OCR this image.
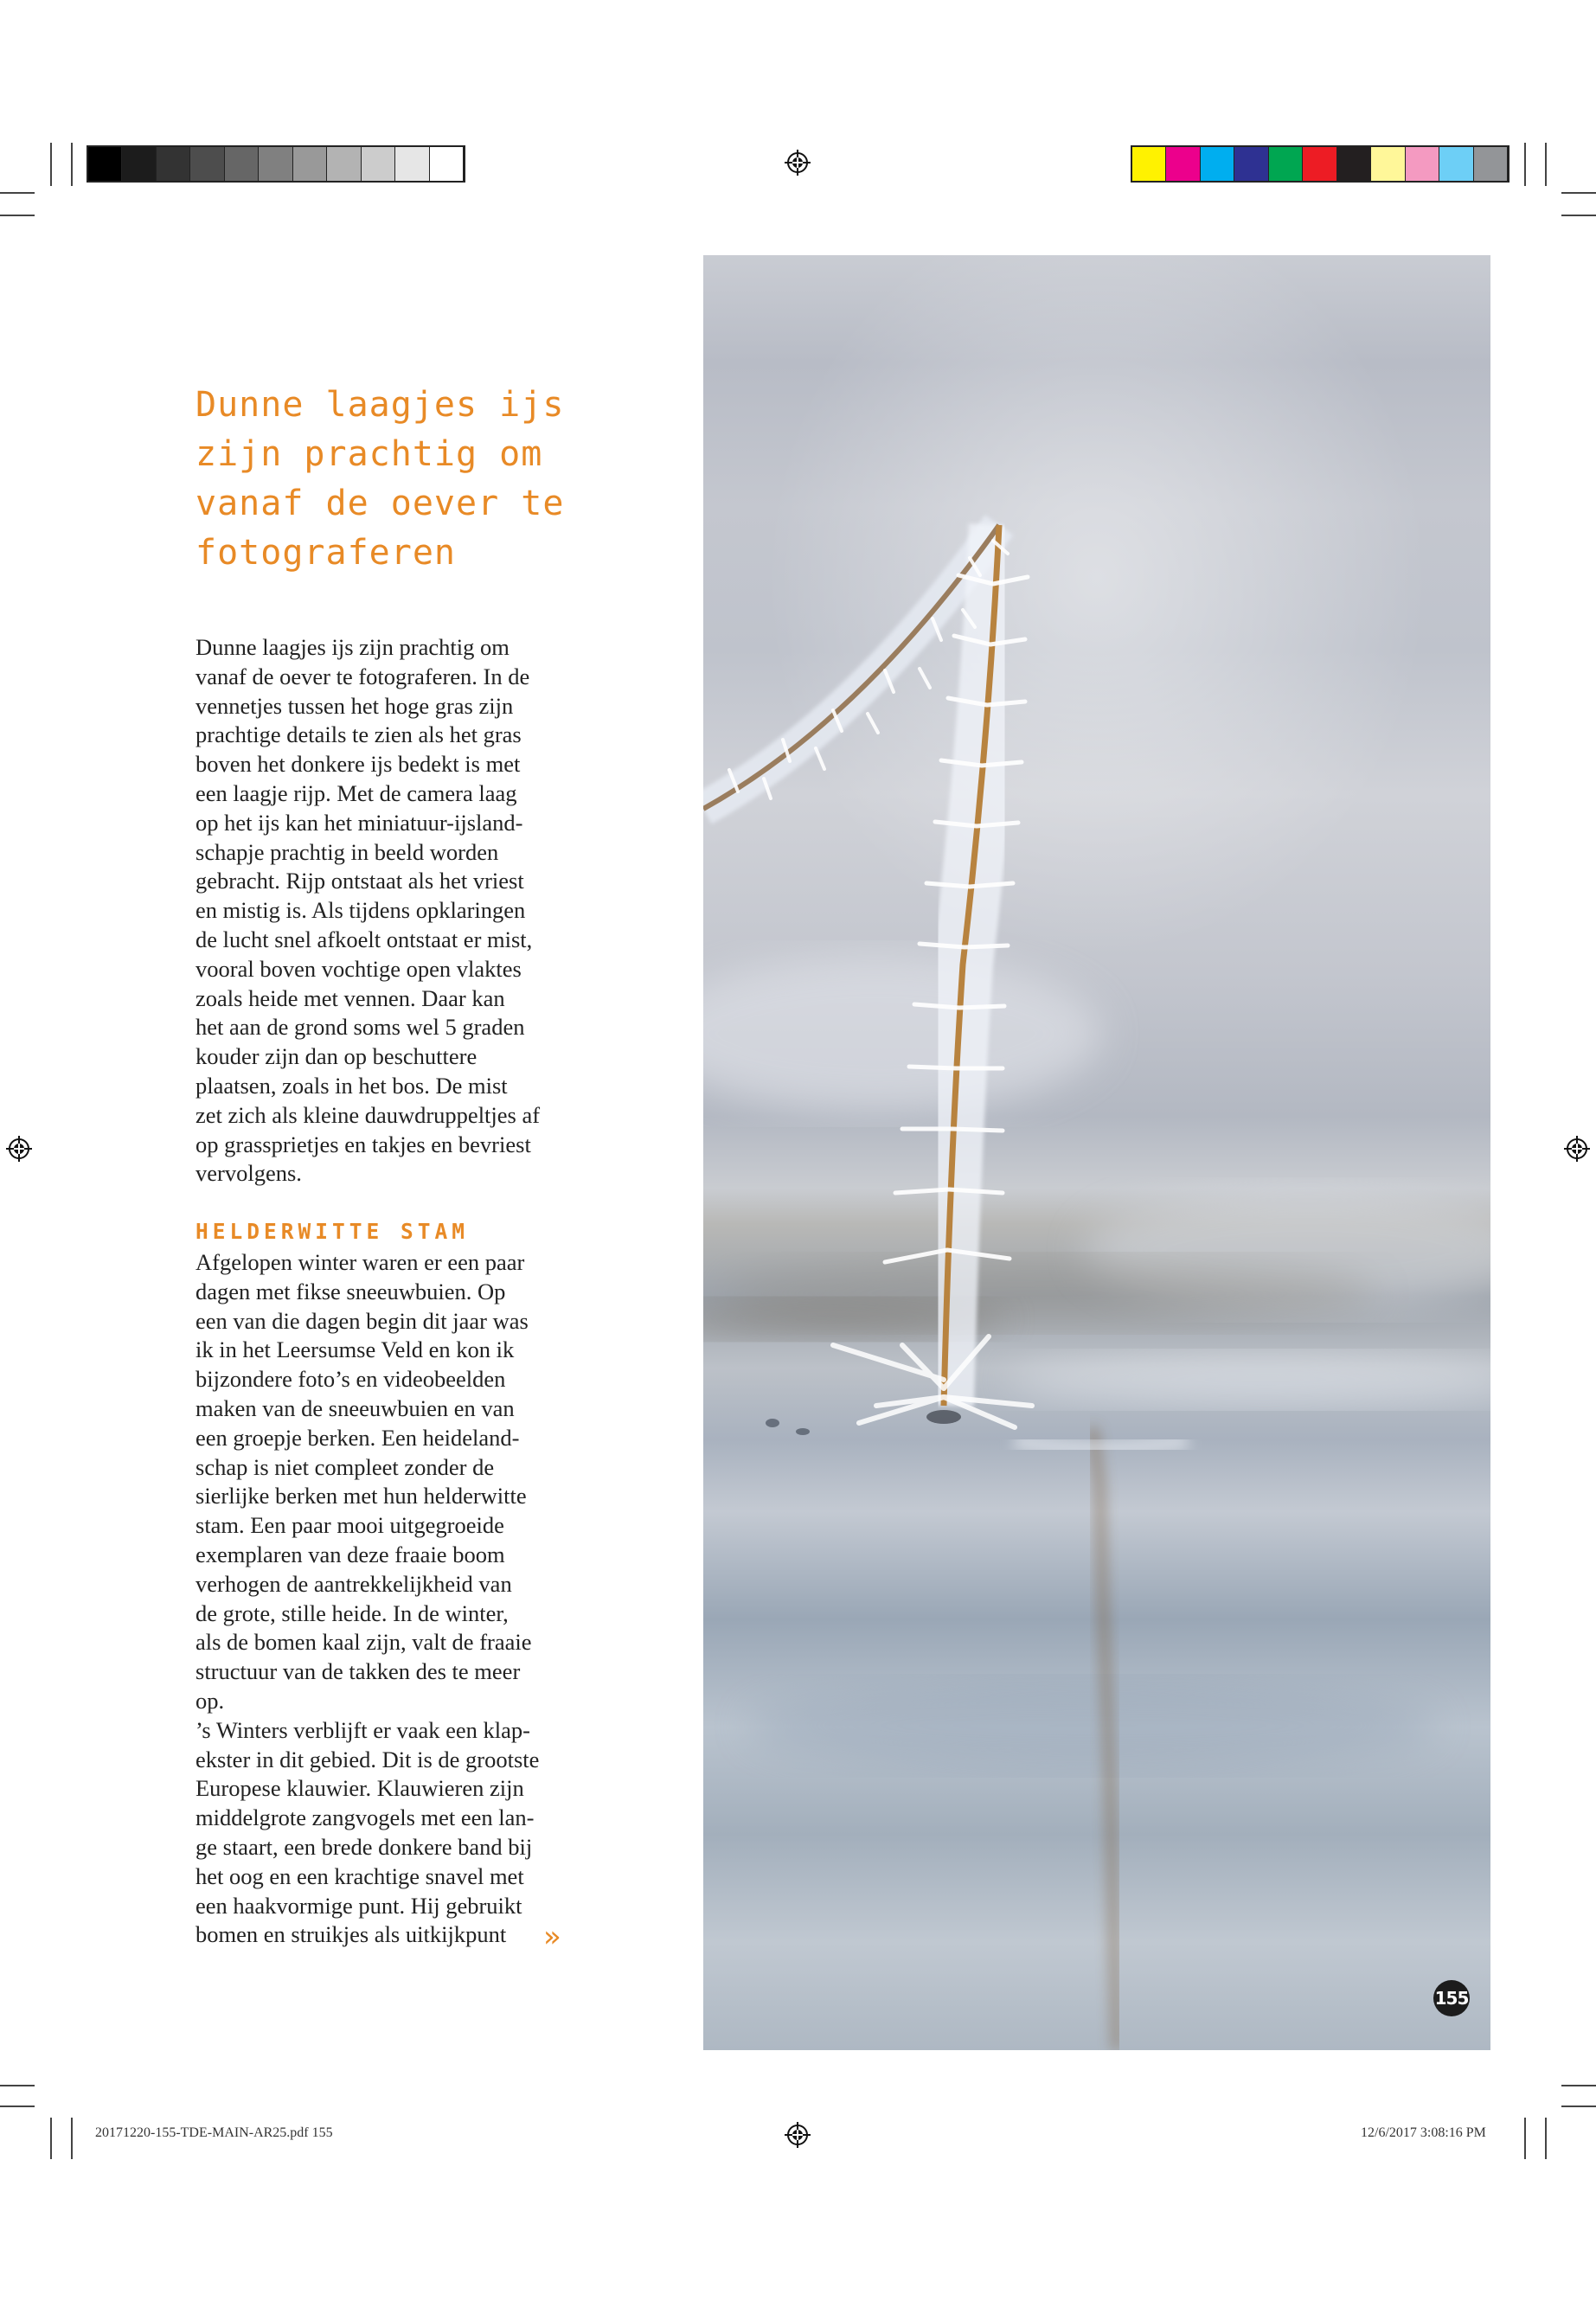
Dunne laagjes ijs
zijn prachtig om
vanaf de oever te
fotograferen
Dunne laagjes ijs zijn prachtig om
vanaf de oever te fotograferen. In de
vennetjes tussen het hoge gras zijn
prachtige details te zien als het gras
boven het donkere ijs bedekt is met
een laagje rijp. Met de camera laag
op het ijs kan het miniatuur-ijsland-
schapje prachtig in beeld worden
gebracht. Rijp ontstaat als het vriest
en mistig is. Als tijdens opklaringen
de lucht snel afkoelt ontstaat er mist,
vooral boven vochtige open vlaktes
zoals heide met vennen. Daar kan
het aan de grond soms wel 5 graden
kouder zijn dan op beschuttere
plaatsen, zoals in het bos. De mist
zet zich als kleine dauwdruppeltjes af
op grassprietjes en takjes en bevriest
vervolgens.
HELDERWITTE STAM
Afgelopen winter waren er een paar
dagen met fikse sneeuwbuien. Op
een van die dagen begin dit jaar was
ik in het Leersumse Veld en kon ik
bijzondere foto’s en videobeelden
maken van de sneeuwbuien en van
een groepje berken. Een heideland-
schap is niet compleet zonder de
sierlijke berken met hun helderwitte
stam. Een paar mooi uitgegroeide
exemplaren van deze fraaie boom
verhogen de aantrekkelijkheid van
de grote, stille heide. In de winter,
als de bomen kaal zijn, valt de fraaie
structuur van de takken des te meer
op.
’s Winters verblijft er vaak een klap-
ekster in dit gebied. Dit is de grootste
Europese klauwier. Klauwieren zijn
middelgrote zangvogels met een lan-
ge staart, een brede donkere band bij
het oog en een krachtige snavel met
een haakvormige punt. Hij gebruikt
bomen en struikjes als uitkijkpunt	»
155
20171220-155-TDE-MAIN-AR25.pdf 155	12/6/2017 3:08:16 PM
